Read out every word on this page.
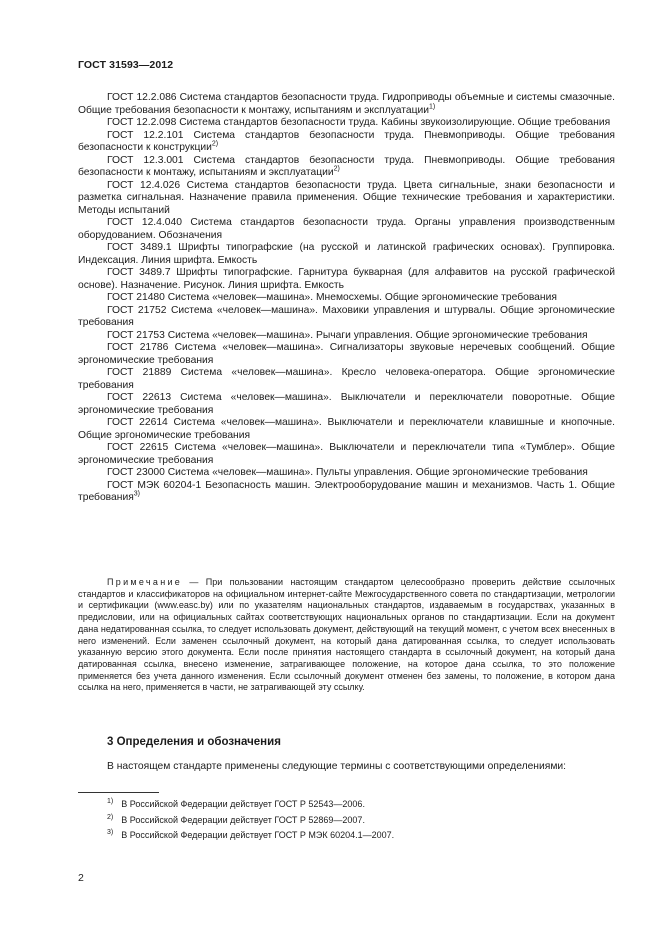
ГОСТ 31593—2012

ГОСТ 12.2.086 Система стандартов безопасности труда. Гидроприводы объемные и системы смазочные. Общие требования безопасности к монтажу, испытаниям и эксплуатации$^{1)}$

ГОСТ 12.2.098 Система стандартов безопасности труда. Кабины звукоизолирующие. Общие требования

ГОСТ 12.2.101 Система стандартов безопасности труда. Пневмоприводы. Общие требования безопасности к конструкции$^{2)}$

ГОСТ 12.3.001 Система стандартов безопасности труда. Пневмоприводы. Общие требования безопасности к монтажу, испытаниям и эксплуатации$^{2)}$

ГОСТ 12.4.026 Система стандартов безопасности труда. Цвета сигнальные, знаки безопасности и разметка сигнальная. Назначение правила применения. Общие технические требования и характеристики. Методы испытаний

ГОСТ 12.4.040 Система стандартов безопасности труда. Органы управления производственным оборудованием. Обозначения

ГОСТ 3489.1 Шрифты типографские (на русской и латинской графических основах). Группировка. Индексация. Линия шрифта. Емкость

ГОСТ 3489.7 Шрифты типографские. Гарнитура букварная (для алфавитов на русской графической основе). Назначение. Рисунок. Линия шрифта. Емкость

ГОСТ 21480 Система «человек—машина». Мнемосхемы. Общие эргономические требования

ГОСТ 21752 Система «человек—машина». Маховики управления и штурвалы. Общие эргономические требования

ГОСТ 21753 Система «человек—машина». Рычаги управления. Общие эргономические требования

ГОСТ 21786 Система «человек—машина». Сигнализаторы звуковые неречевых сообщений. Общие эргономические требования

ГОСТ 21889 Система «человек—машина». Кресло человека-оператора. Общие эргономические требования

ГОСТ 22613 Система «человек—машина». Выключатели и переключатели поворотные. Общие эргономические требования

ГОСТ 22614 Система «человек—машина». Выключатели и переключатели клавишные и кнопочные. Общие эргономические требования

ГОСТ 22615 Система «человек—машина». Выключатели и переключатели типа «Тумблер». Общие эргономические требования

ГОСТ 23000 Система «человек—машина». Пульты управления. Общие эргономические требования

ГОСТ МЭК 60204-1 Безопасность машин. Электрооборудование машин и механизмов. Часть 1. Общие требования$^{3)}$

Примечание — При пользовании настоящим стандартом целесообразно проверить действие ссылочных стандартов и классификаторов на официальном интернет-сайте Межгосударственного совета по стандартизации, метрологии и сертификации (www.easc.by) или по указателям национальных стандартов, издаваемым в государствах, указанных в предисловии, или на официальных сайтах соответствующих национальных органов по стандартизации. Если на документ дана недатированная ссылка, то следует использовать документ, действующий на текущий момент, с учетом всех внесенных в него изменений. Если заменен ссылочный документ, на который дана датированная ссылка, то следует использовать указанную версию этого документа. Если после принятия настоящего стандарта в ссылочный документ, на который дана датированная ссылка, внесено изменение, затрагивающее положение, на которое дана ссылка, то это положение применяется без учета данного изменения. Если ссылочный документ отменен без замены, то положение, в котором дана ссылка на него, применяется в части, не затрагивающей эту ссылку.

3 Определения и обозначения

В настоящем стандарте применены следующие термины с соответствующими определениями:

$^{1)}$ В Российской Федерации действует ГОСТ Р 52543—2006.

$^{2)}$ В Российской Федерации действует ГОСТ Р 52869—2007.

$^{3)}$ В Российской Федерации действует ГОСТ Р МЭК 60204.1—2007.

2
